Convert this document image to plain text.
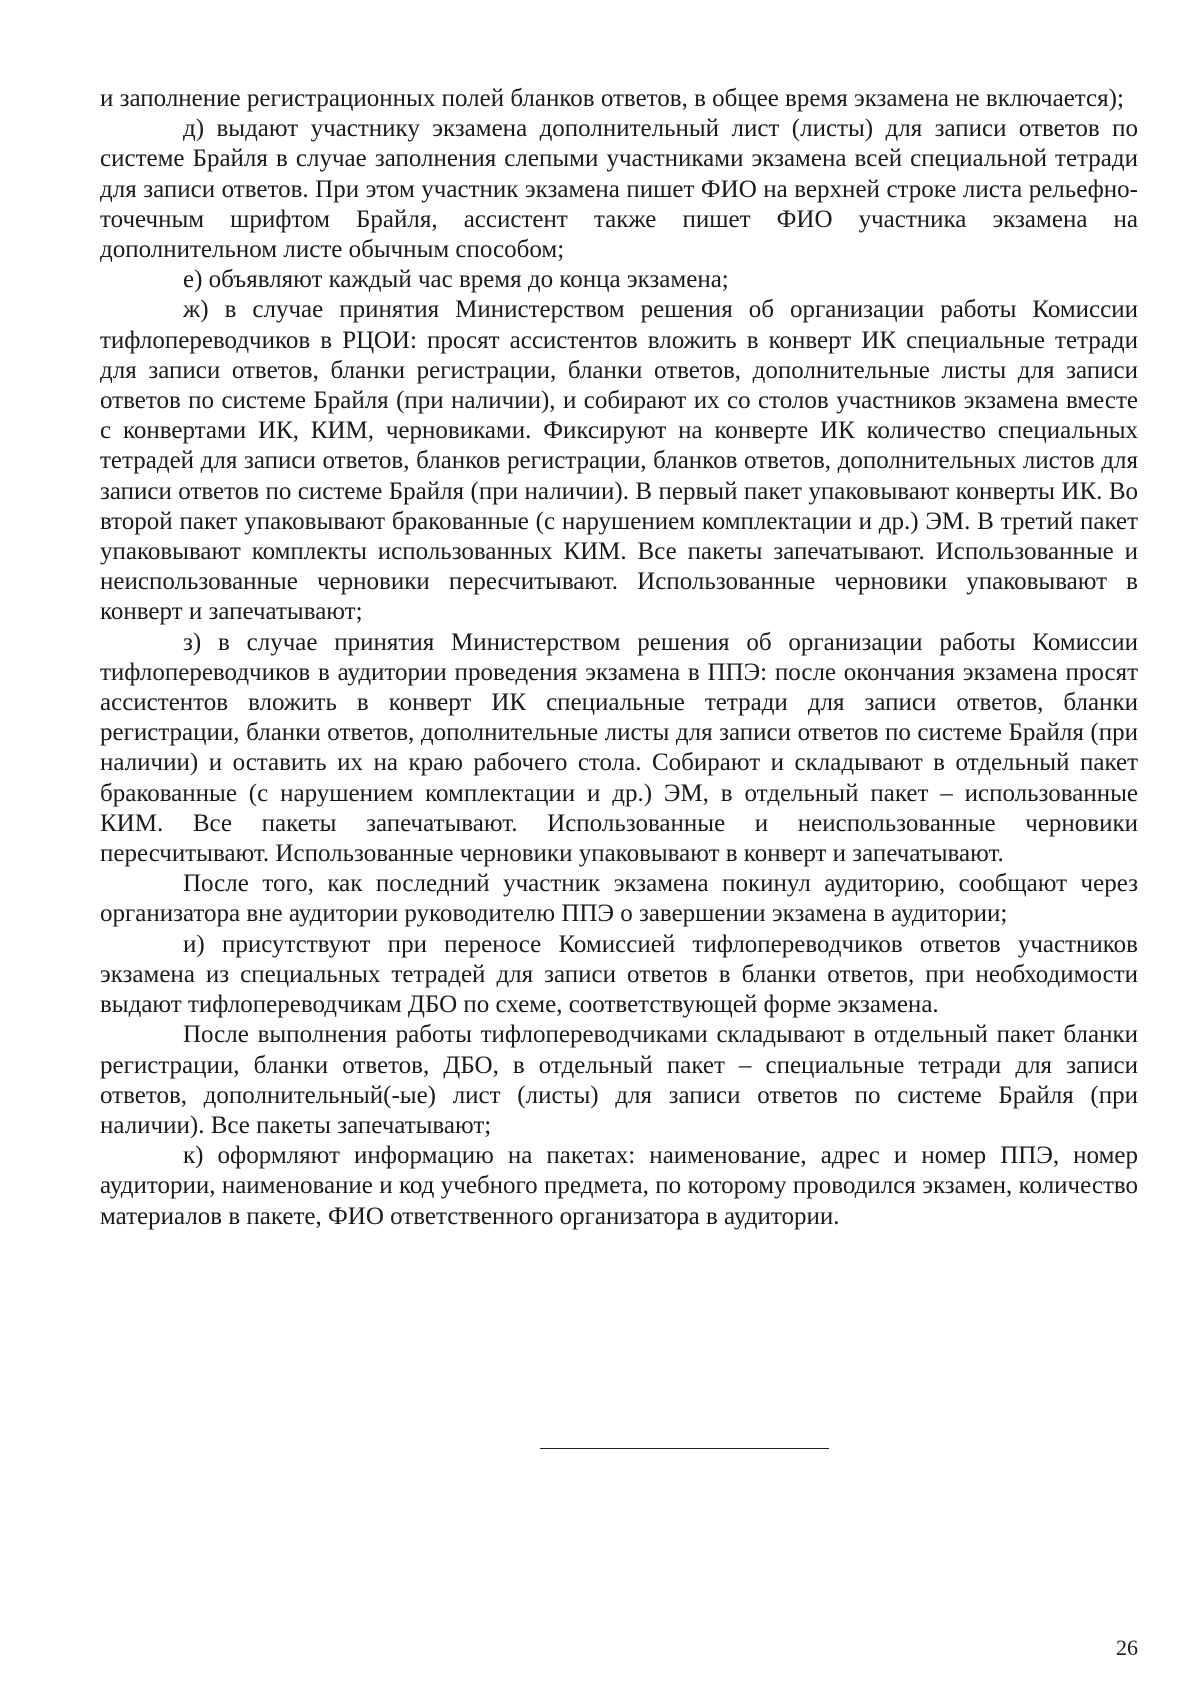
и заполнение регистрационных полей бланков ответов, в общее время экзамена не включается);

д) выдают участнику экзамена дополнительный лист (листы) для записи ответов по системе Брайля в случае заполнения слепыми участниками экзамена всей специальной тетради для записи ответов. При этом участник экзамена пишет ФИО на верхней строке листа рельефно-точечным шрифтом Брайля, ассистент также пишет ФИО участника экзамена на дополнительном листе обычным способом;

е) объявляют каждый час время до конца экзамена;

ж) в случае принятия Министерством решения об организации работы Комиссии тифлопереводчиков в РЦОИ: просят ассистентов вложить в конверт ИК специальные тетради для записи ответов, бланки регистрации, бланки ответов, дополнительные листы для записи ответов по системе Брайля (при наличии), и собирают их со столов участников экзамена вместе с конвертами ИК, КИМ, черновиками. Фиксируют на конверте ИК количество специальных тетрадей для записи ответов, бланков регистрации, бланков ответов, дополнительных листов для записи ответов по системе Брайля (при наличии). В первый пакет упаковывают конверты ИК. Во второй пакет упаковывают бракованные (с нарушением комплектации и др.) ЭМ. В третий пакет упаковывают комплекты использованных КИМ. Все пакеты запечатывают. Использованные и неиспользованные черновики пересчитывают. Использованные черновики упаковывают в конверт и запечатывают;

з) в случае принятия Министерством решения об организации работы Комиссии тифлопереводчиков в аудитории проведения экзамена в ППЭ: после окончания экзамена просят ассистентов вложить в конверт ИК специальные тетради для записи ответов, бланки регистрации, бланки ответов, дополнительные листы для записи ответов по системе Брайля (при наличии) и оставить их на краю рабочего стола. Собирают и складывают в отдельный пакет бракованные (с нарушением комплектации и др.) ЭМ, в отдельный пакет – использованные КИМ. Все пакеты запечатывают. Использованные и неиспользованные черновики пересчитывают. Использованные черновики упаковывают в конверт и запечатывают.

После того, как последний участник экзамена покинул аудиторию, сообщают через организатора вне аудитории руководителю ППЭ о завершении экзамена в аудитории;

и) присутствуют при переносе Комиссией тифлопереводчиков ответов участников экзамена из специальных тетрадей для записи ответов в бланки ответов, при необходимости выдают тифлопереводчикам ДБО по схеме, соответствующей форме экзамена.

После выполнения работы тифлопереводчиками складывают в отдельный пакет бланки регистрации, бланки ответов, ДБО, в отдельный пакет – специальные тетради для записи ответов, дополнительный(-ые) лист (листы) для записи ответов по системе Брайля (при наличии). Все пакеты запечатывают;

к) оформляют информацию на пакетах: наименование, адрес и номер ППЭ, номер аудитории, наименование и код учебного предмета, по которому проводился экзамен, количество материалов в пакете, ФИО ответственного организатора в аудитории.

26
